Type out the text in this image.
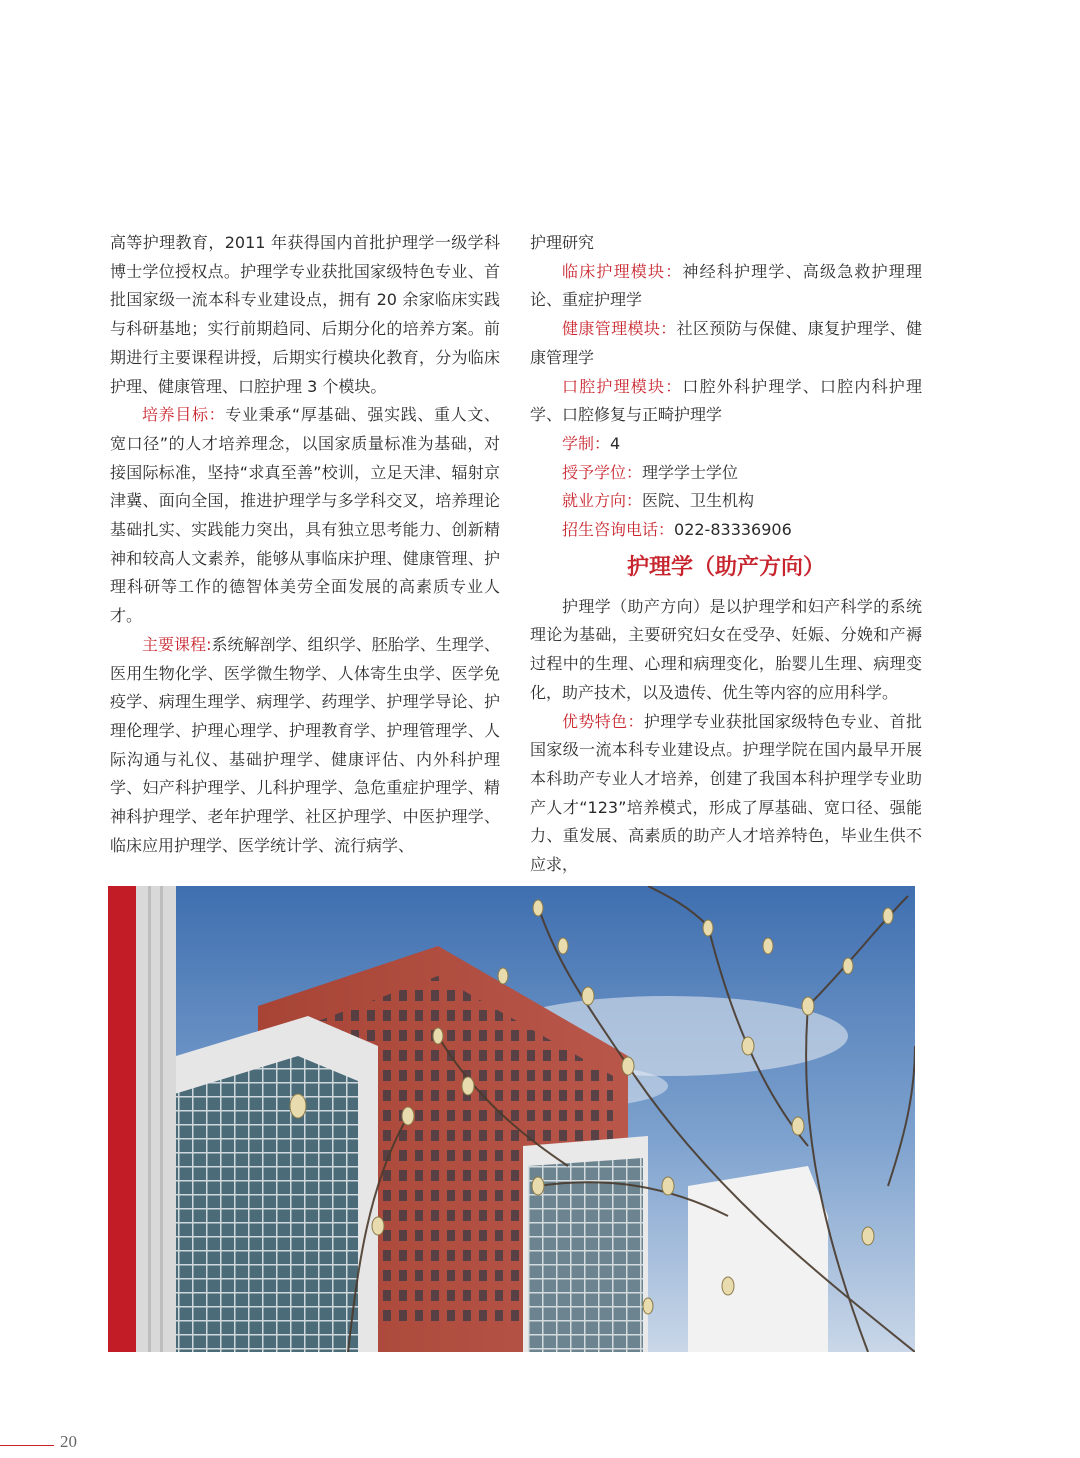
高等护理教育，2011 年获得国内首批护理学一级学科博士学位授权点。护理学专业获批国家级特色专业、首批国家级一流本科专业建设点，拥有 20 余家临床实践与科研基地；实行前期趋同、后期分化的培养方案。前期进行主要课程讲授，后期实行模块化教育，分为临床护理、健康管理、口腔护理 3 个模块。

培养目标：专业秉承“厚基础、强实践、重人文、宽口径”的人才培养理念，以国家质量标准为基础，对接国际标准，坚持“求真至善”校训，立足天津、辐射京津冀、面向全国，推进护理学与多学科交叉，培养理论基础扎实、实践能力突出，具有独立思考能力、创新精神和较高人文素养，能够从事临床护理、健康管理、护理科研等工作的德智体美劳全面发展的高素质专业人才。

主要课程:系统解剖学、组织学、胚胎学、生理学、医用生物化学、医学微生物学、人体寄生虫学、医学免疫学、病理生理学、病理学、药理学、护理学导论、护理伦理学、护理心理学、护理教育学、护理管理学、人际沟通与礼仪、基础护理学、健康评估、内外科护理学、妇产科护理学、儿科护理学、急危重症护理学、精神科护理学、老年护理学、社区护理学、中医护理学、临床应用护理学、医学统计学、流行病学、

护理研究

临床护理模块：神经科护理学、高级急救护理理论、重症护理学

健康管理模块：社区预防与保健、康复护理学、健康管理学

口腔护理模块：口腔外科护理学、口腔内科护理学、口腔修复与正畸护理学

学制：4

授予学位：理学学士学位

就业方向：医院、卫生机构

招生咨询电话：022-83336906

护理学（助产方向）

护理学（助产方向）是以护理学和妇产科学的系统理论为基础，主要研究妇女在受孕、妊娠、分娩和产褥过程中的生理、心理和病理变化，胎婴儿生理、病理变化，助产技术，以及遗传、优生等内容的应用科学。

优势特色：护理学专业获批国家级特色专业、首批国家级一流本科专业建设点。护理学院在国内最早开展本科助产专业人才培养，创建了我国本科护理学专业助产人才“123”培养模式，形成了厚基础、宽口径、强能力、重发展、高素质的助产人才培养特色，毕业生供不应求，

20
